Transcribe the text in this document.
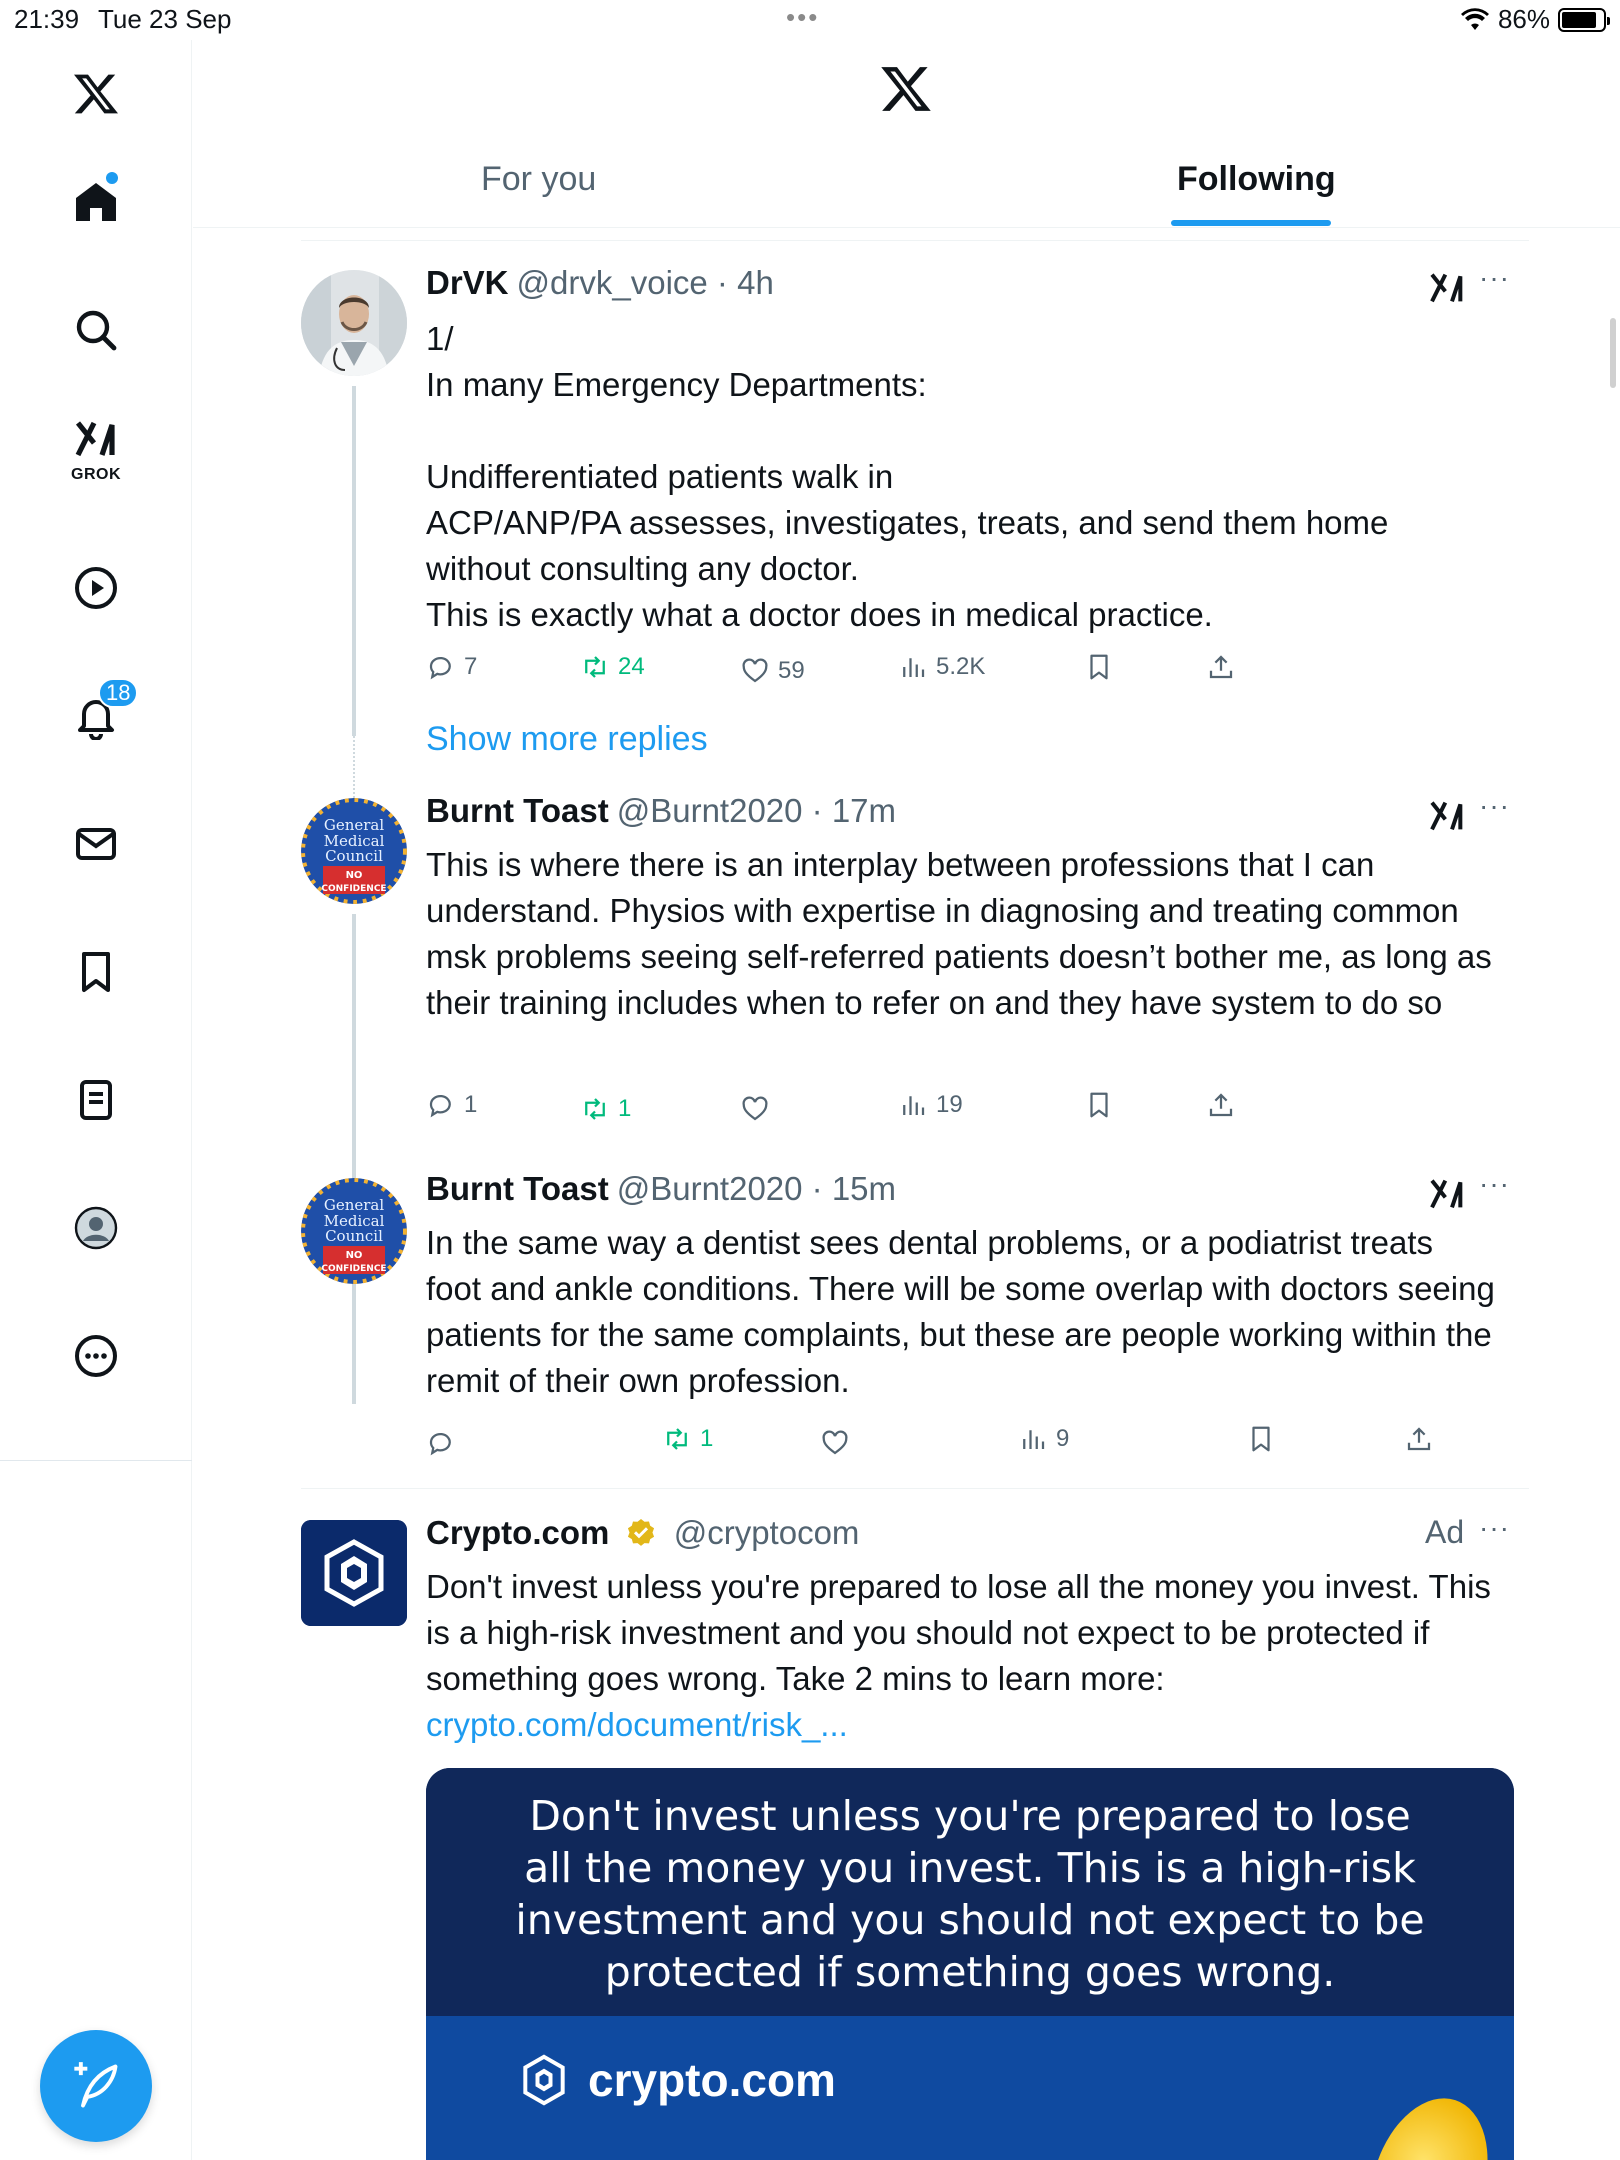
21:39 Tue 23 Sep	•••	86%
GROK
18
For you	Following
DrVK @drvk_voice · 4h	···
1/
In many Emergency Departments:

Undifferentiated patients walk in
ACP/ANP/PA assesses, investigates, treats, and send them home without consulting any doctor.
This is exactly what a doctor does in medical practice.
7	24	59	5.2K
Show more replies
General
Medical
Council
NO
CONFIDENCE
Burnt Toast @Burnt2020 · 17m	···
This is where there is an interplay between professions that I can understand. Physios with expertise in diagnosing and treating common msk problems seeing self-referred patients doesn’t bother me, as long as their training includes when to refer on and they have system to do so
1	1	19
General
Medical
Council
NO
CONFIDENCE
Burnt Toast @Burnt2020 · 15m	···
In the same way a dentist sees dental problems, or a podiatrist treats foot and ankle conditions. There will be some overlap with doctors seeing patients for the same complaints, but these are people working within the remit of their own profession.
1	9
Crypto.com @cryptocom	Ad ···
Don't invest unless you're prepared to lose all the money you invest. This is a high-risk investment and you should not expect to be protected if something goes wrong. Take 2 mins to learn more: crypto.com/document/risk_...
Don't invest unless you're prepared to lose all the money you invest. This is a high-risk investment and you should not expect to be protected if something goes wrong.
crypto.com
